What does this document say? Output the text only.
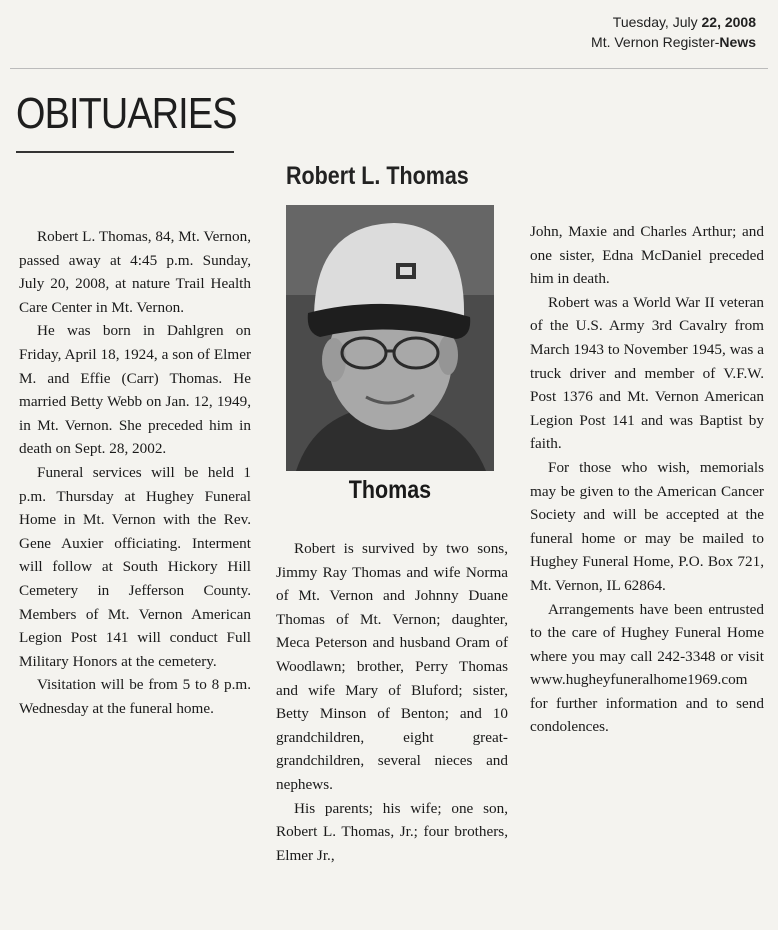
Tuesday, July 22, 2008
Mt. Vernon Register-News
OBITUARIES
Robert L. Thomas
Thomas

Robert L. Thomas, 84, Mt. Vernon, passed away at 4:45 p.m. Sunday, July 20, 2008, at nature Trail Health Care Center in Mt. Vernon.

He was born in Dahlgren on Friday, April 18, 1924, a son of Elmer M. and Effie (Carr) Thomas. He married Betty Webb on Jan. 12, 1949, in Mt. Vernon. She preceded him in death on Sept. 28, 2002.

Funeral services will be held 1 p.m. Thursday at Hughey Funeral Home in Mt. Vernon with the Rev. Gene Auxier officiating. Interment will follow at South Hickory Hill Cemetery in Jefferson County. Members of Mt. Vernon American Legion Post 141 will conduct Full Military Honors at the cemetery.

Visitation will be from 5 to 8 p.m. Wednesday at the funeral home.

Robert is survived by two sons, Jimmy Ray Thomas and wife Norma of Mt. Vernon and Johnny Duane Thomas of Mt. Vernon; daughter, Meca Peterson and husband Oram of Woodlawn; brother, Perry Thomas and wife Mary of Bluford; sister, Betty Minson of Benton; and 10 grandchildren, eight great-grandchildren, several nieces and nephews.

His parents; his wife; one son, Robert L. Thomas, Jr.; four brothers, Elmer Jr.,

John, Maxie and Charles Arthur; and one sister, Edna McDaniel preceded him in death.

Robert was a World War II veteran of the U.S. Army 3rd Cavalry from March 1943 to November 1945, was a truck driver and member of V.F.W. Post 1376 and Mt. Vernon American Legion Post 141 and was Baptist by faith.

For those who wish, memorials may be given to the American Cancer Society and will be accepted at the funeral home or may be mailed to Hughey Funeral Home, P.O. Box 721, Mt. Vernon, IL 62864.

Arrangements have been entrusted to the care of Hughey Funeral Home where you may call 242-3348 or visit www.hugheyfuneralhome1969.com for further information and to send condolences.
